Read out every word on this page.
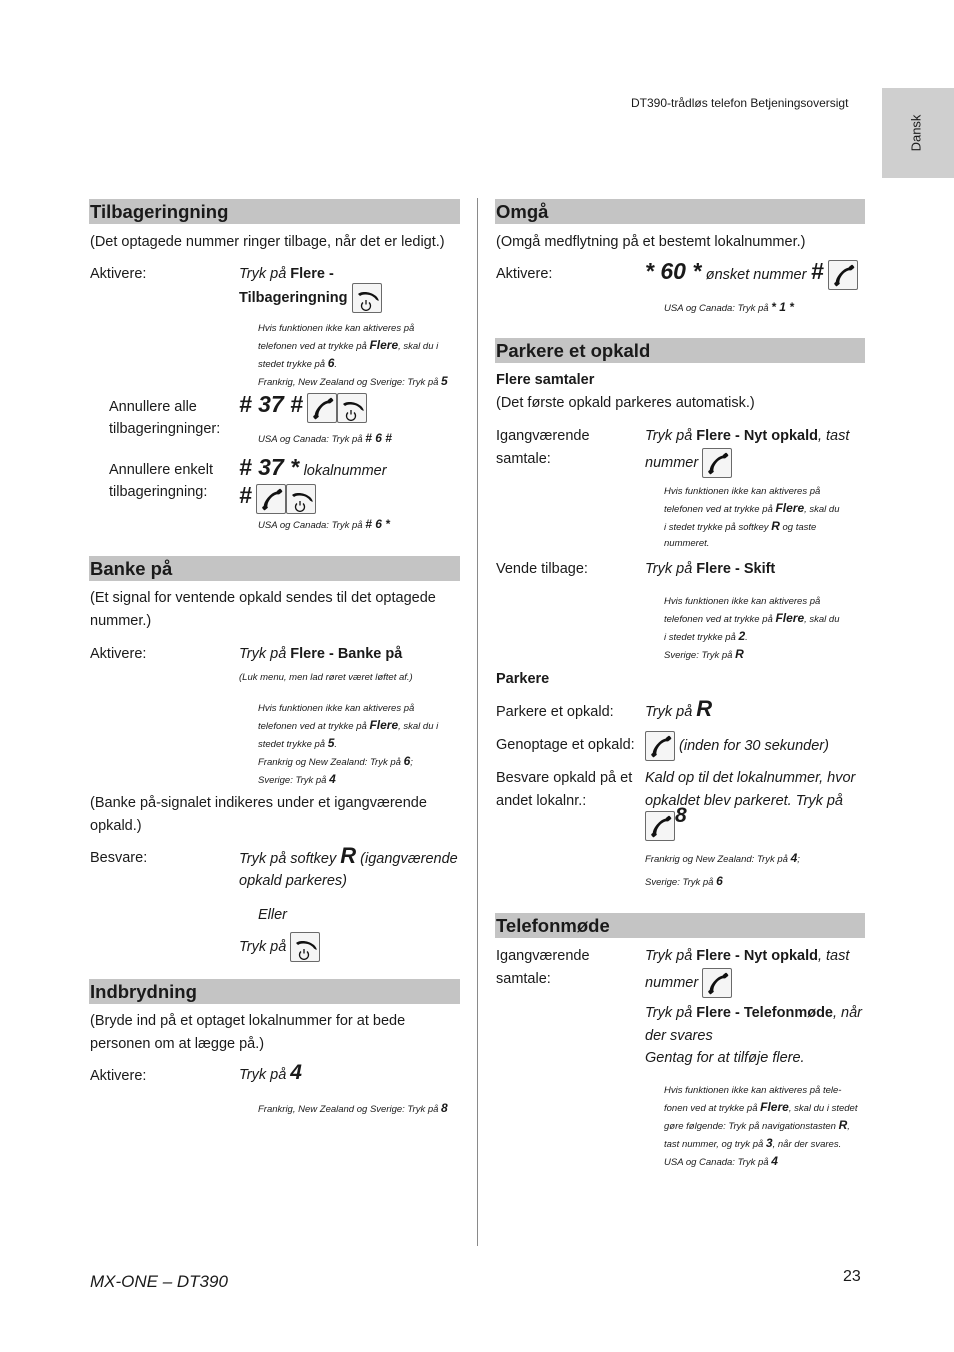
DT390-trådløs telefon Betjeningsoversigt
Dansk
Tilbageringning
(Det optagede nummer ringer tilbage, når det er ledigt.)
Aktivere:	Tryk på Flere -
Tilbageringning
Hvis funktionen ikke kan aktiveres på
telefonen ved at trykke på Flere, skal du i
stedet trykke på 6.
Frankrig, New Zealand og Sverige: Tryk på 5
Annullere alle
tilbageringninger:
# 37 #
USA og Canada: Tryk på # 6 #
Annullere enkelt
tilbageringning:
# 37 * lokalnummer
#
USA og Canada: Tryk på # 6 *
Banke på
(Et signal for ventende opkald sendes til det optagede
nummer.)
Aktivere:	Tryk på Flere - Banke på
(Luk menu, men lad røret været løftet af.)
Hvis funktionen ikke kan aktiveres på
telefonen ved at trykke på Flere, skal du i
stedet trykke på 5.
Frankrig og New Zealand: Tryk på 6;
Sverige: Tryk på 4
(Banke på-signalet indikeres under et igangværende
opkald.)
Besvare:	Tryk på softkey R (igangværende
opkald parkeres)
Eller
Tryk på
Indbrydning
(Bryde ind på et optaget lokalnummer for at bede
personen om at lægge på.)
Aktivere:	Tryk på 4
Frankrig, New Zealand og Sverige: Tryk på 8
Omgå
(Omgå medflytning på et bestemt lokalnummer.)
Aktivere:	* 60 * ønsket nummer #
USA og Canada: Tryk på * 1 *
Parkere et opkald
Flere samtaler
(Det første opkald parkeres automatisk.)
Igangværende
samtale:
Tryk på Flere - Nyt opkald, tast
nummer
Hvis funktionen ikke kan aktiveres på
telefonen ved at trykke på Flere, skal du
i stedet trykke på softkey R og taste
nummeret.
Vende tilbage:	Tryk på Flere - Skift
Hvis funktionen ikke kan aktiveres på
telefonen ved at trykke på Flere, skal du
i stedet trykke på 2.
Sverige: Tryk på R
Parkere
Parkere et opkald: Tryk på R
Genoptage et opkald:	(inden for 30 sekunder)
Besvare opkald på et
andet lokalnr.:
Kald op til det lokalnummer, hvor
opkaldet blev parkeret. Tryk på
8
Frankrig og New Zealand: Tryk på 4;
Sverige: Tryk på 6
Telefonmøde
Igangværende
samtale:
Tryk på Flere - Nyt opkald, tast
nummer
Tryk på Flere - Telefonmøde, når
der svares
Gentag for at tilføje flere.
Hvis funktionen ikke kan aktiveres på tele-
fonen ved at trykke på Flere, skal du i stedet
gøre følgende: Tryk på navigationstasten R,
tast nummer, og tryk på 3, når der svares.
USA og Canada: Tryk på 4
MX-ONE – DT390	23
